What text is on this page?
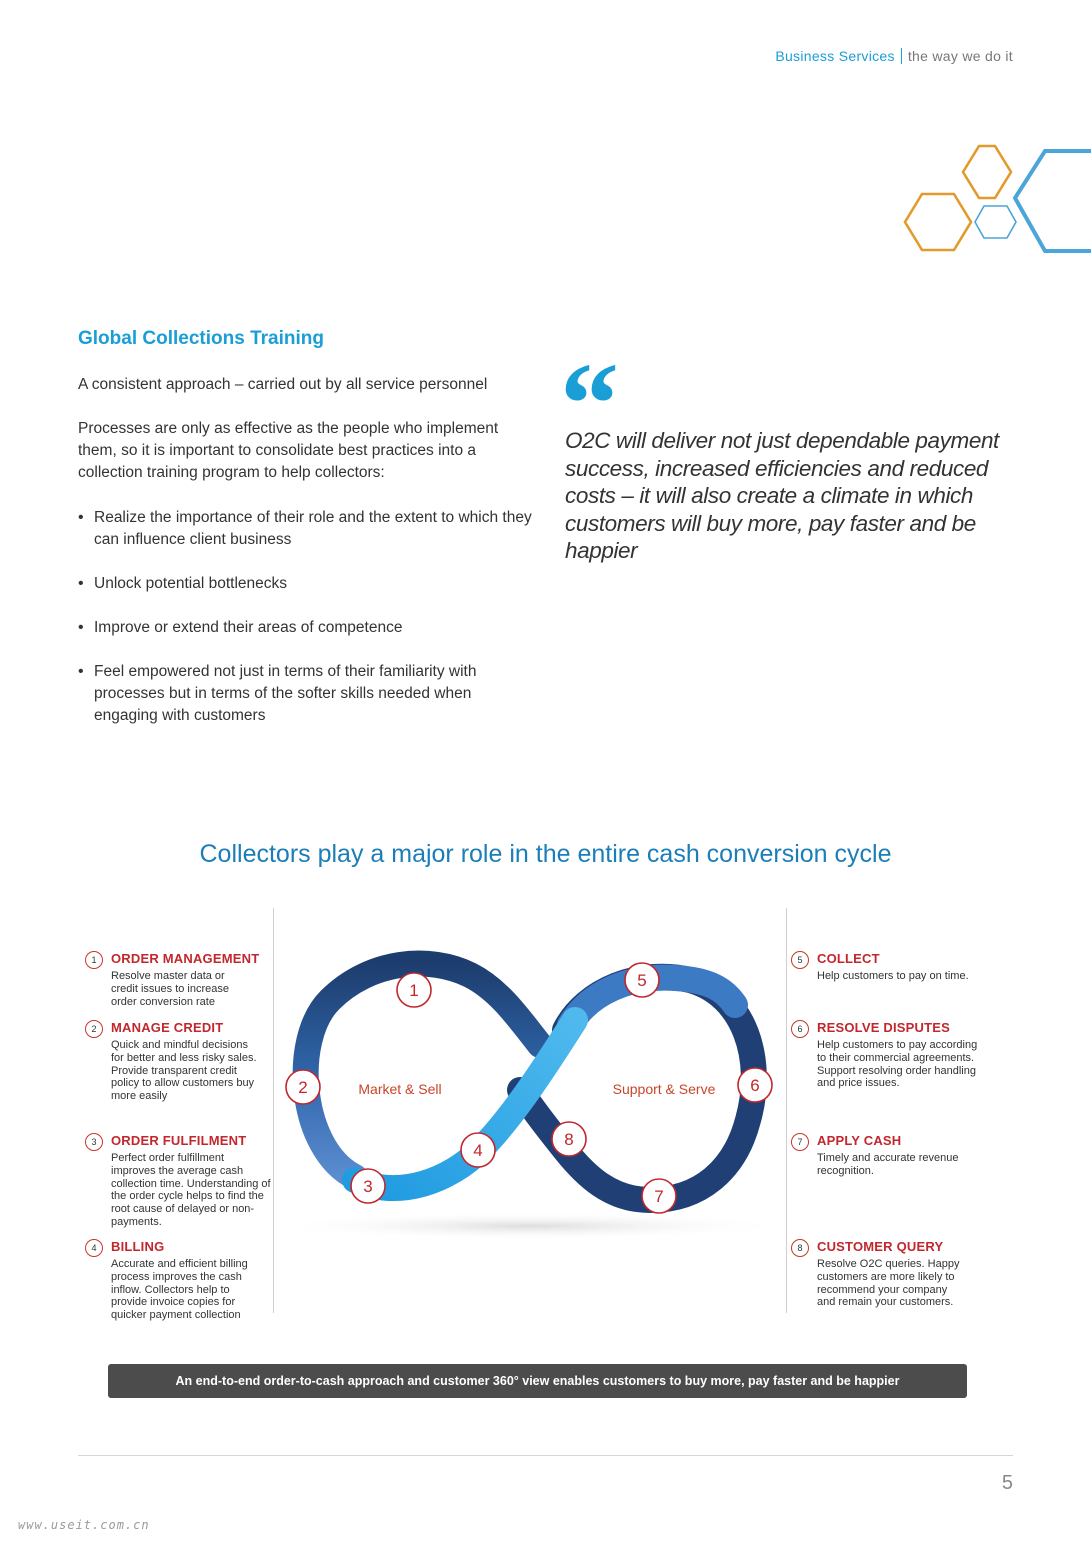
Business Services the way we do it
Global Collections Training

A consistent approach – carried out by all service personnel

Processes are only as effective as the people who implement them, so it is important to consolidate best practices into a collection training program to help collectors:

• Realize the importance of their role and the extent to which they can influence client business
• Unlock potential bottlenecks
• Improve or extend their areas of competence
• Feel empowered not just in terms of their familiarity with processes but in terms of the softer skills needed when engaging with customers
“

O2C will deliver not just dependable payment success, increased efficiencies and reduced costs – it will also create a climate in which customers will buy more, pay faster and be happier

Collectors play a major role in the entire cash conversion cycle
Market & Sell	Support & Serve
1
2
3
4
5
6
7
8
1	ORDER MANAGEMENT

Resolve master data or credit issues to increase order conversion rate

2	MANAGE CREDIT

Quick and mindful decisions for better and less risky sales. Provide transparent credit policy to allow customers buy more easily

3	ORDER FULFILMENT

Perfect order fulfillment improves the average cash collection time. Understanding of the order cycle helps to find the root cause of delayed or non-payments.

4	BILLING

Accurate and efficient billing process improves the cash inflow. Collectors help to provide invoice copies for quicker payment collection

5	COLLECT

Help customers to pay on time.

6	RESOLVE DISPUTES

Help customers to pay according to their commercial agreements. Support resolving order handling and price issues.

7	APPLY CASH

Timely and accurate revenue recognition.

8	CUSTOMER QUERY

Resolve O2C queries. Happy customers are more likely to recommend your company and remain your customers.

An end-to-end order-to-cash approach and customer 360° view enables customers to buy more, pay faster and be happier
5
www.useit.com.cn
